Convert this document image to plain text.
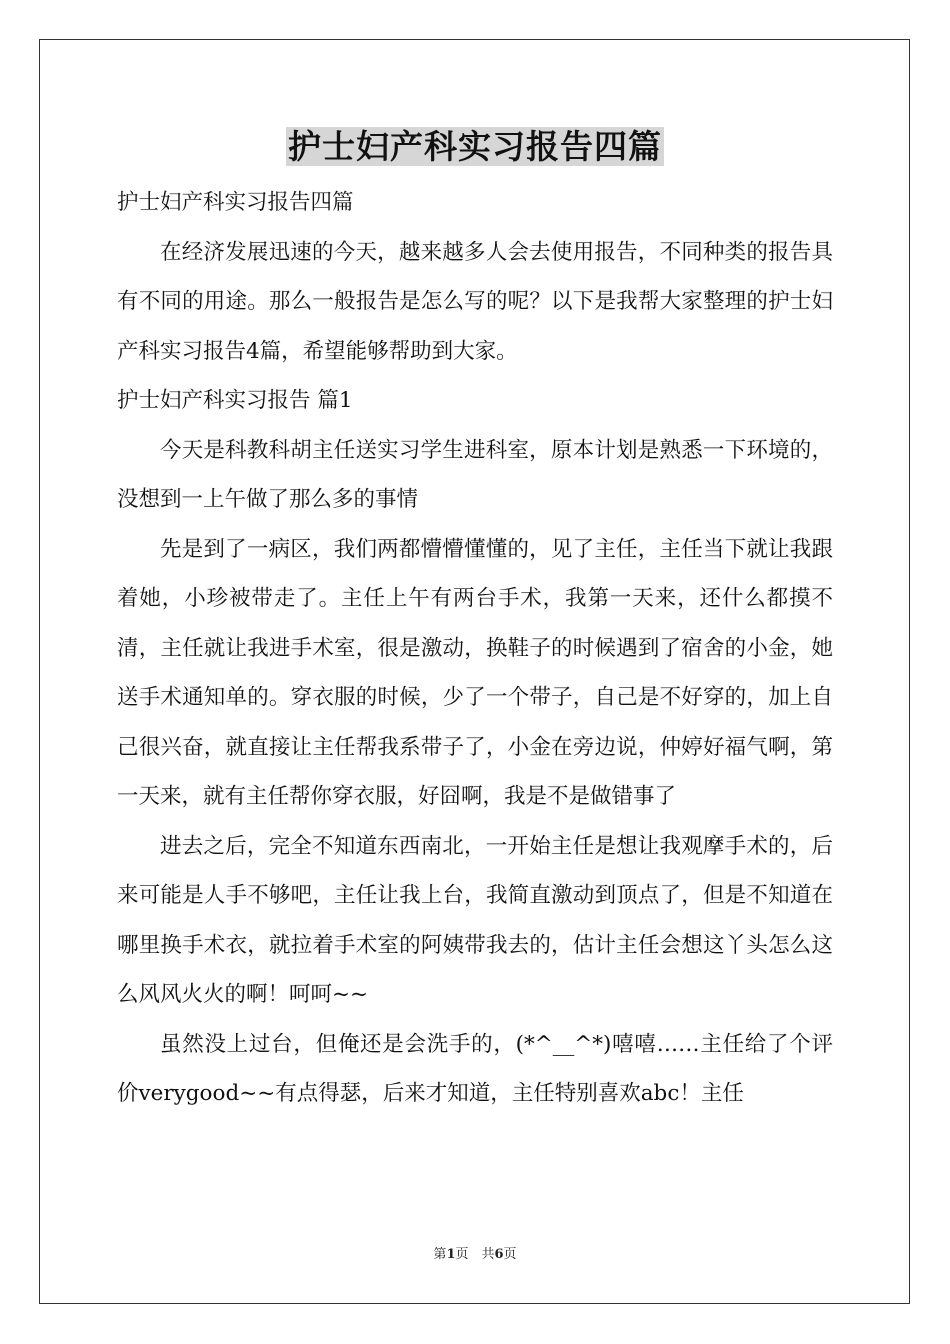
护士妇产科实习报告四篇

护士妇产科实习报告四篇

在经济发展迅速的今天，越来越多人会去使用报告，不同种类的报告具有不同的用途。那么一般报告是怎么写的呢？以下是我帮大家整理的护士妇产科实习报告4篇，希望能够帮助到大家。

护士妇产科实习报告 篇1

今天是科教科胡主任送实习学生进科室，原本计划是熟悉一下环境的，没想到一上午做了那么多的事情

先是到了一病区，我们两都懵懵懂懂的，见了主任，主任当下就让我跟着她，小珍被带走了。主任上午有两台手术，我第一天来，还什么都摸不清，主任就让我进手术室，很是激动，换鞋子的时候遇到了宿舍的小金，她送手术通知单的。穿衣服的时候，少了一个带子，自己是不好穿的，加上自己很兴奋，就直接让主任帮我系带子了，小金在旁边说，仲婷好福气啊，第一天来，就有主任帮你穿衣服，好囧啊，我是不是做错事了

进去之后，完全不知道东西南北，一开始主任是想让我观摩手术的，后来可能是人手不够吧，主任让我上台，我简直激动到顶点了，但是不知道在哪里换手术衣，就拉着手术室的阿姨带我去的，估计主任会想这丫头怎么这么风风火火的啊！呵呵~~

虽然没上过台，但俺还是会洗手的，(*^__^*)嘻嘻……主任给了个评价verygood~~有点得瑟，后来才知道，主任特别喜欢abc！主任

第1页　共6页
